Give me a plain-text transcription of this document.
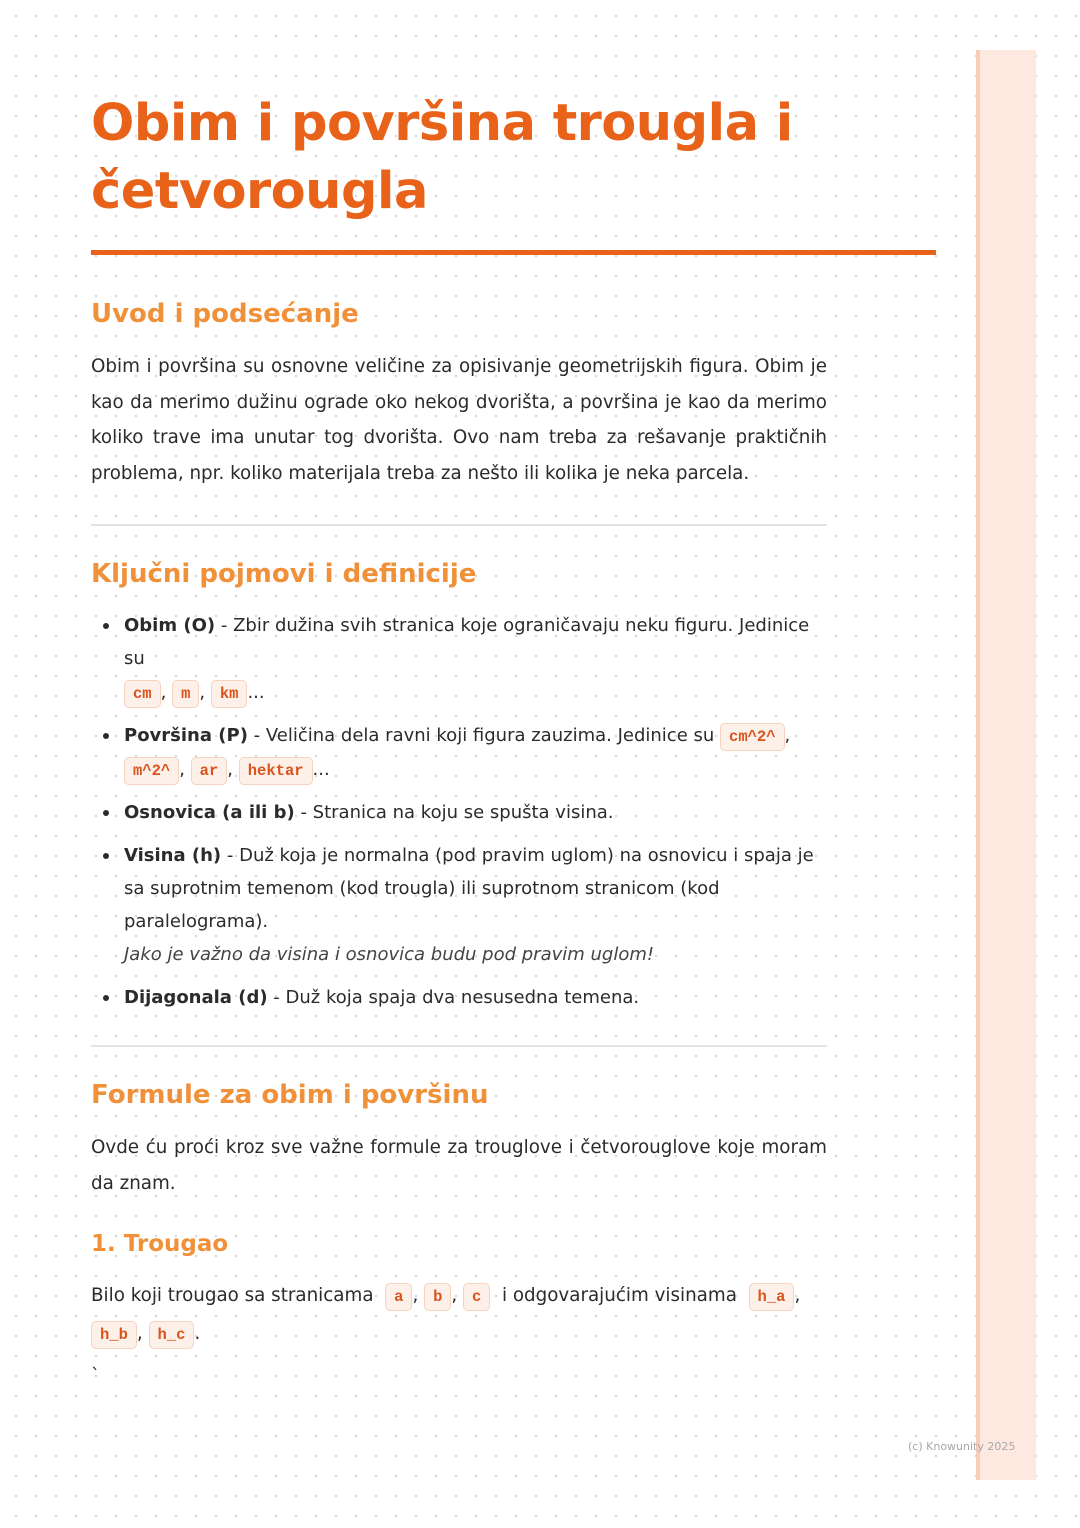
Obim i površina trougla i četvorougla
Uvod i podsećanje

Obim i površina su osnovne veličine za opisivanje geometrijskih figura. Obim je kao da merimo dužinu ograde oko nekog dvorišta, a površina je kao da merimo koliko trave ima unutar tog dvorišta. Ovo nam treba za rešavanje praktičnih problema, npr. koliko materijala treba za nešto ili kolika je neka parcela.

Ključni pojmovi i definicije
Obim (O) - Zbir dužina svih stranica koje ograničavaju neku figuru. Jedinice su
cm , m , km ...
Površina (P) - Veličina dela ravni koji figura zauzima. Jedinice su cm^2^ ,
m^2^ , ar , hektar ...
Osnovica (a ili b) - Stranica na koju se spušta visina.
Visina (h) - Duž koja je normalna (pod pravim uglom) na osnovicu i spaja je sa suprotnim temenom (kod trougla) ili suprotnom stranicom (kod paralelograma).
Jako je važno da visina i osnovica budu pod pravim uglom!
Dijagonala (d) - Duž koja spaja dva nesusedna temena.
Formule za obim i površinu

Ovde ću proći kroz sve važne formule za trouglove i četvorouglove koje moram da znam.

1. Trougao
Bilo koji trougao sa stranicama a , b , c i odgovarajućim visinama h_a , h_b , h_c .
`
(c) Knowunity 2025
